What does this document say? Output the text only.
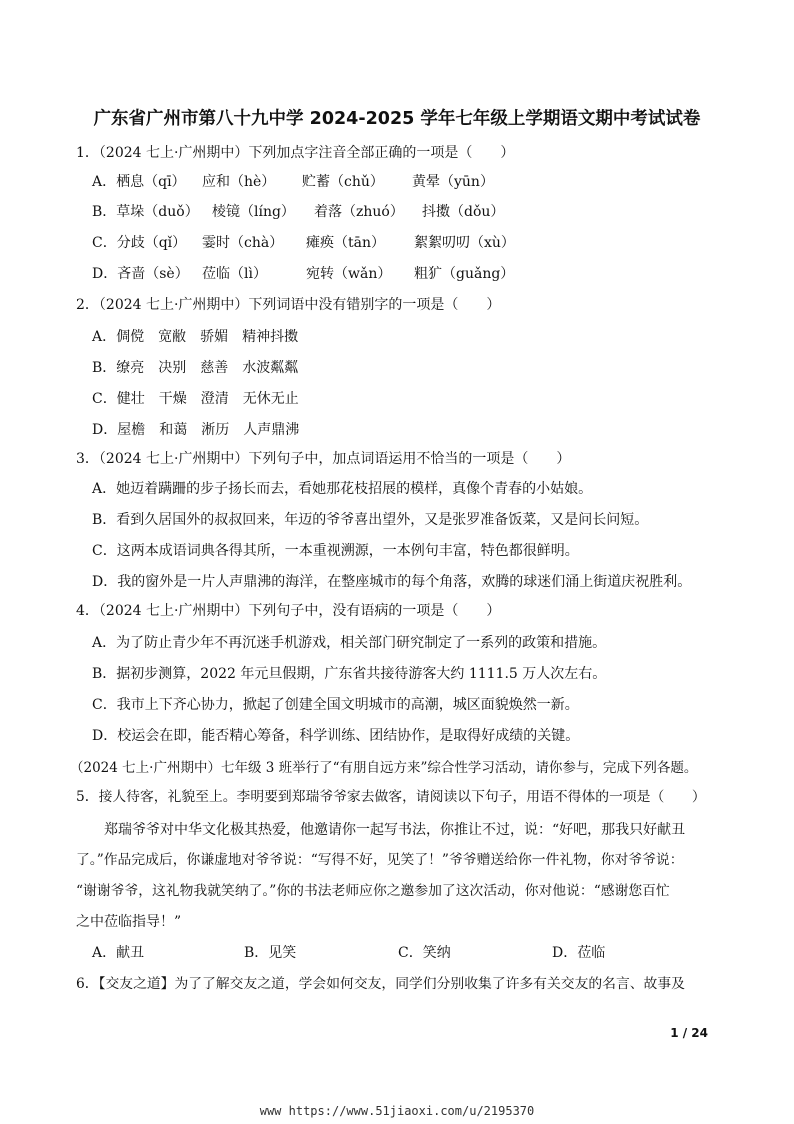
广东省广州市第八十九中学 2024-2025 学年七年级上学期语文期中考试试卷
1．（2024 七上·广州期中）下列加点字注音全部正确的一项是（　　）
A．栖息（qī） 应和（hè） 贮蓄（chǔ） 黄晕（yūn）
B．草垛（duǒ） 棱镜（líng） 着落（zhuó） 抖擞（dǒu）
C．分歧（qǐ） 霎时（chà） 瘫痪（tān） 絮絮叨叨（xù）
D．吝啬（sè） 莅临（lì）	宛转（wǎn） 粗犷（guǎng）
2．（2024 七上·广州期中）下列词语中没有错别字的一项是（　　）
A．倜傥　宽敝　骄媚　精神抖擞
B．缭亮　决别　慈善　水波粼粼
C．健壮　干燥　澄清　无休无止
D．屋檐　和蔼　淅历　人声鼎沸
3．（2024 七上·广州期中）下列句子中，加点词语运用不恰当的一项是（　　）
A．她迈着蹒跚的步子扬长而去，看她那花枝招展的模样，真像个青春的小姑娘。
B．看到久居国外的叔叔回来，年迈的爷爷喜出望外，又是张罗准备饭菜，又是问长问短。
C．这两本成语词典各得其所，一本重视溯源，一本例句丰富，特色都很鲜明。
D．我的窗外是一片人声鼎沸的海洋，在整座城市的每个角落，欢腾的球迷们涌上街道庆祝胜利。
4．（2024 七上·广州期中）下列句子中，没有语病的一项是（　　）
A．为了防止青少年不再沉迷手机游戏，相关部门研究制定了一系列的政策和措施。
B．据初步测算，2022 年元旦假期，广东省共接待游客大约 1111.5 万人次左右。
C．我市上下齐心协力，掀起了创建全国文明城市的高潮，城区面貌焕然一新。
D．校运会在即，能否精心筹备，科学训练、团结协作，是取得好成绩的关键。
（2024 七上·广州期中）七年级 3 班举行了“有朋自远方来”综合性学习活动，请你参与，完成下列各题。
5．接人待客，礼貌至上。李明要到郑瑞爷爷家去做客，请阅读以下句子，用语不得体的一项是（　　）
郑瑞爷爷对中华文化极其热爱，他邀请你一起写书法，你推让不过，说：“好吧，那我只好献丑
了。”作品完成后，你谦虚地对爷爷说：“写得不好，见笑了！”爷爷赠送给你一件礼物，你对爷爷说：
“谢谢爷爷，这礼物我就笑纳了。”你的书法老师应你之邀参加了这次活动，你对他说：“感谢您百忙
之中莅临指导！”
A．献丑	B．见笑	C．笑纳	D．莅临
6．【交友之道】为了了解交友之道，学会如何交友，同学们分别收集了许多有关交友的名言、故事及
1 / 24
www https://www.51jiaoxi.com/u/2195370
